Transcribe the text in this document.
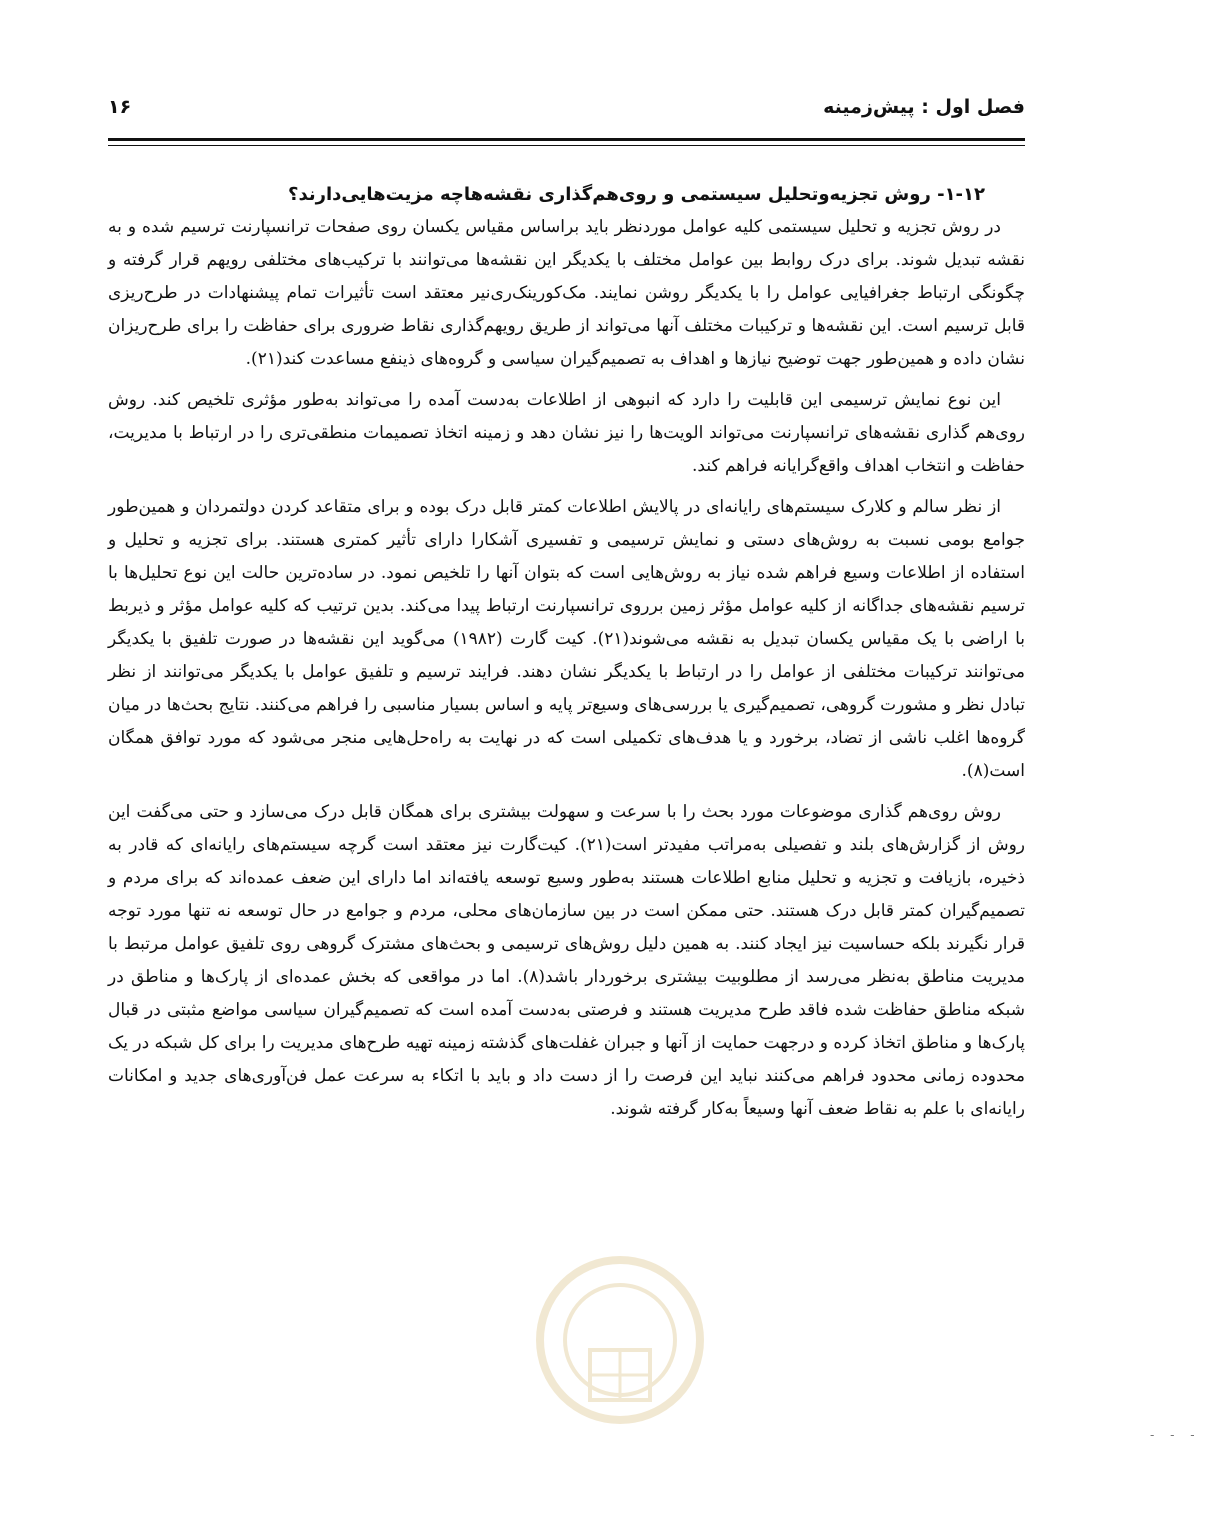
فصل اول : پیش‌زمینه
۱۶

۱-۱۲- روش تجزیه‌وتحلیل سیستمی و روی‌هم‌گذاری نقشه‌ها‌چه مزیت‌هایی‌دارند؟

در روش تجزیه و تحلیل سیستمی کلیه عوامل موردنظر باید براساس مقیاس یکسان روی صفحات ترانسپارنت ترسیم شده و به نقشه تبدیل شوند. برای درک روابط بین عوامل مختلف با یکدیگر این نقشه‌ها می‌توانند با ترکیب‌های مختلفی رویهم قرار گرفته و چگونگی ارتباط جغرافیایی عوامل را با یکدیگر روشن نمایند. مک‌کورینک‌ری‌نیر معتقد است تأثیرات تمام پیشنهادات در طرح‌ریزی قابل ترسیم است. این نقشه‌ها و ترکیبات مختلف آنها می‌تواند از طریق رویهم‌گذاری نقاط ضروری برای حفاظت را برای طرح‌ریزان نشان داده و همین‌طور جهت توضیح نیازها و اهداف به تصمیم‌گیران سیاسی و گروه‌های ذینفع مساعدت کند(۲۱).

این نوع نمایش ترسیمی این قابلیت را دارد که انبوهی از اطلاعات به‌دست آمده را می‌تواند به‌طور مؤثری تلخیص کند. روش روی‌هم گذاری نقشه‌های ترانسپارنت می‌تواند الویت‌ها را نیز نشان دهد و زمینه اتخاذ تصمیمات منطقی‌تری را در ارتباط با مدیریت، حفاظت و انتخاب اهداف واقع‌گرایانه فراهم کند.

از نظر سالم و کلارک سیستم‌های رایانه‌ای در پالایش اطلاعات کمتر قابل درک بوده و برای متقاعد کردن دولتمردان و همین‌طور جوامع بومی نسبت به روش‌های دستی و نمایش ترسیمی و تفسیری آشکارا دارای تأثیر کمتری هستند. برای تجزیه و تحلیل و استفاده از اطلاعات وسیع فراهم شده نیاز به روش‌هایی است که بتوان آنها را تلخیص نمود. در ساده‌ترین حالت این نوع تحلیل‌ها با ترسیم نقشه‌های جداگانه از کلیه عوامل مؤثر زمین برروی ترانسپارنت ارتباط پیدا می‌کند. بدین ترتیب که کلیه عوامل مؤثر و ذیربط با اراضی با یک مقیاس یکسان تبدیل به نقشه می‌شوند(۲۱). کیت گارت (۱۹۸۲) می‌گوید این نقشه‌ها در صورت تلفیق با یکدیگر می‌توانند ترکیبات مختلفی از عوامل را در ارتباط با یکدیگر نشان دهند. فرایند ترسیم و تلفیق عوامل با یکدیگر می‌توانند از نظر تبادل نظر و مشورت گروهی، تصمیم‌گیری یا بررسی‌های وسیع‌تر پایه و اساس بسیار مناسبی را فراهم می‌کنند. نتایج بحث‌ها در میان گروه‌ها اغلب ناشی از تضاد، برخورد و یا هدف‌های تکمیلی است که در نهایت به راه‌حل‌هایی منجر می‌شود که مورد توافق همگان است(۸).

روش روی‌هم گذاری موضوعات مورد بحث را با سرعت و سهولت بیشتری برای همگان قابل درک می‌سازد و حتی می‌گفت این روش از گزارش‌های بلند و تفصیلی به‌مراتب مفیدتر است(۲۱). کیت‌گارت نیز معتقد است گرچه سیستم‌های رایانه‌ای که قادر به ذخیره، بازیافت و تجزیه و تحلیل منابع اطلاعات هستند به‌طور وسیع توسعه یافته‌اند اما دارای این ضعف عمده‌اند که برای مردم و تصمیم‌گیران کمتر قابل درک هستند. حتی ممکن است در بین سازمان‌های محلی، مردم و جوامع در حال توسعه نه تنها مورد توجه قرار نگیرند بلکه حساسیت نیز ایجاد کنند. به همین دلیل روش‌های ترسیمی و بحث‌های مشترک گروهی روی تلفیق عوامل مرتبط با مدیریت مناطق به‌نظر می‌رسد از مطلوبیت بیشتری برخوردار باشد(۸). اما در مواقعی که بخش عمده‌ای از پارک‌ها و مناطق در شبکه مناطق حفاظت شده فاقد طرح مدیریت هستند و فرصتی به‌دست آمده است که تصمیم‌گیران سیاسی مواضع مثبتی در قبال پارک‌ها و مناطق اتخاذ کرده و درجهت حمایت از آنها و جبران غفلت‌های گذشته زمینه تهیه طرح‌های مدیریت را برای کل شبکه در یک محدوده زمانی محدود فراهم می‌کنند نباید این فرصت را از دست داد و باید با اتکاء به سرعت عمل فن‌آوری‌های جدید و امکانات رایانه‌ای با علم به نقاط ضعف آنها وسیعاً به‌کار گرفته شوند.

- - -
